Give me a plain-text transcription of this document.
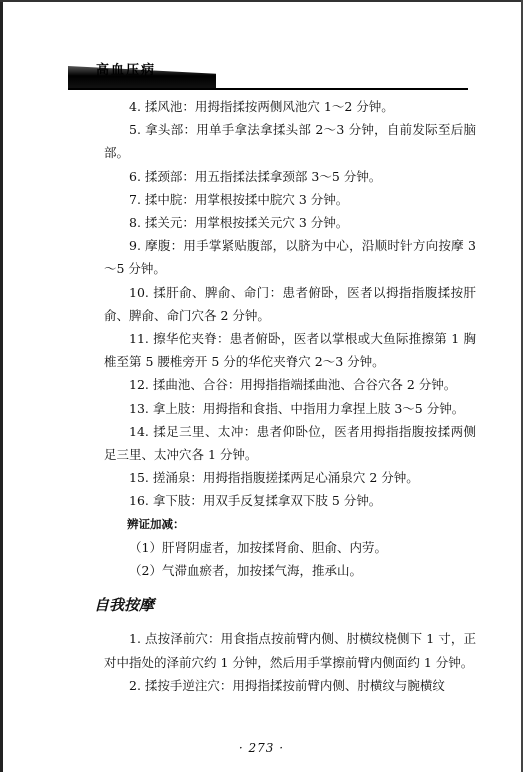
高血压病

4. 揉风池：用拇指揉按两侧风池穴 1～2 分钟。

5. 拿头部：用单手拿法拿揉头部 2～3 分钟，自前发际至后脑部。

6. 揉颈部：用五指揉法揉拿颈部 3～5 分钟。

7. 揉中脘：用掌根按揉中脘穴 3 分钟。

8. 揉关元：用掌根按揉关元穴 3 分钟。

9. 摩腹：用手掌紧贴腹部，以脐为中心，沿顺时针方向按摩 3～5 分钟。

10. 揉肝俞、脾俞、命门：患者俯卧，医者以拇指指腹揉按肝俞、脾俞、命门穴各 2 分钟。

11. 擦华佗夹脊：患者俯卧，医者以掌根或大鱼际推擦第 1 胸椎至第 5 腰椎旁开 5 分的华佗夹脊穴 2～3 分钟。

12. 揉曲池、合谷：用拇指指端揉曲池、合谷穴各 2 分钟。

13. 拿上肢：用拇指和食指、中指用力拿捏上肢 3～5 分钟。

14. 揉足三里、太冲：患者仰卧位，医者用拇指指腹按揉两侧足三里、太冲穴各 1 分钟。

15. 搓涌泉：用拇指指腹搓揉两足心涌泉穴 2 分钟。

16. 拿下肢：用双手反复揉拿双下肢 5 分钟。

辨证加减：

（1）肝肾阴虚者，加按揉肾俞、胆俞、内劳。

（2）气滞血瘀者，加按揉气海，推承山。

自我按摩

1. 点按泽前穴：用食指点按前臂内侧、肘横纹桡侧下 1 寸，正对中指处的泽前穴约 1 分钟，然后用手掌擦前臂内侧面约 1 分钟。

2. 揉按手逆注穴：用拇指揉按前臂内侧、肘横纹与腕横纹

· 273 ·
